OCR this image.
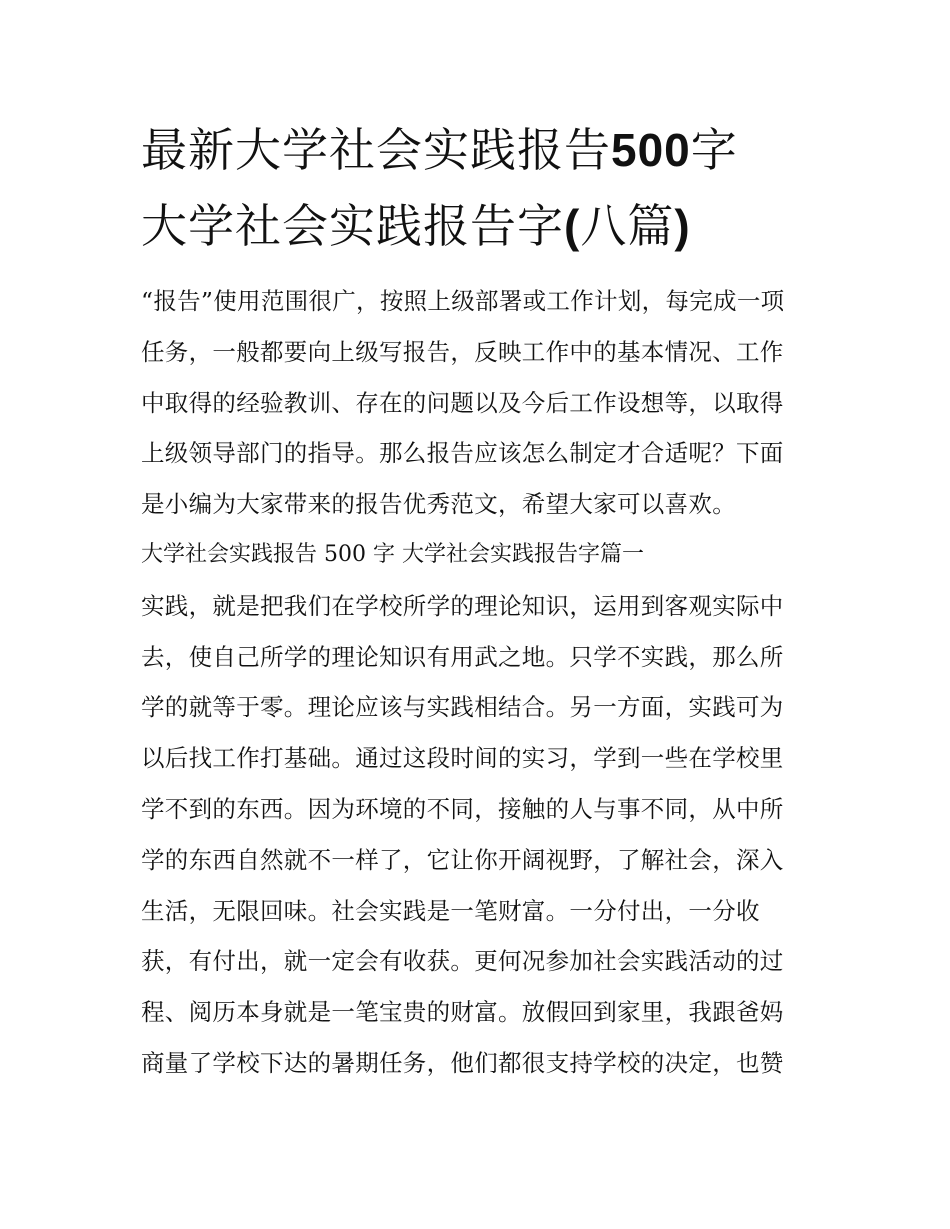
最新大学社会实践报告500字
大学社会实践报告字(八篇)
“报告”使用范围很广，按照上级部署或工作计划，每完成一项
任务，一般都要向上级写报告，反映工作中的基本情况、工作
中取得的经验教训、存在的问题以及今后工作设想等，以取得
上级领导部门的指导。那么报告应该怎么制定才合适呢？下面
是小编为大家带来的报告优秀范文，希望大家可以喜欢。
大学社会实践报告 500 字 大学社会实践报告字篇一
实践，就是把我们在学校所学的理论知识，运用到客观实际中
去，使自己所学的理论知识有用武之地。只学不实践，那么所
学的就等于零。理论应该与实践相结合。另一方面，实践可为
以后找工作打基础。通过这段时间的实习，学到一些在学校里
学不到的东西。因为环境的不同，接触的人与事不同，从中所
学的东西自然就不一样了，它让你开阔视野，了解社会，深入
生活，无限回味。社会实践是一笔财富。一分付出，一分收
获，有付出，就一定会有收获。更何况参加社会实践活动的过
程、阅历本身就是一笔宝贵的财富。放假回到家里，我跟爸妈
商量了学校下达的暑期任务，他们都很支持学校的决定，也赞
